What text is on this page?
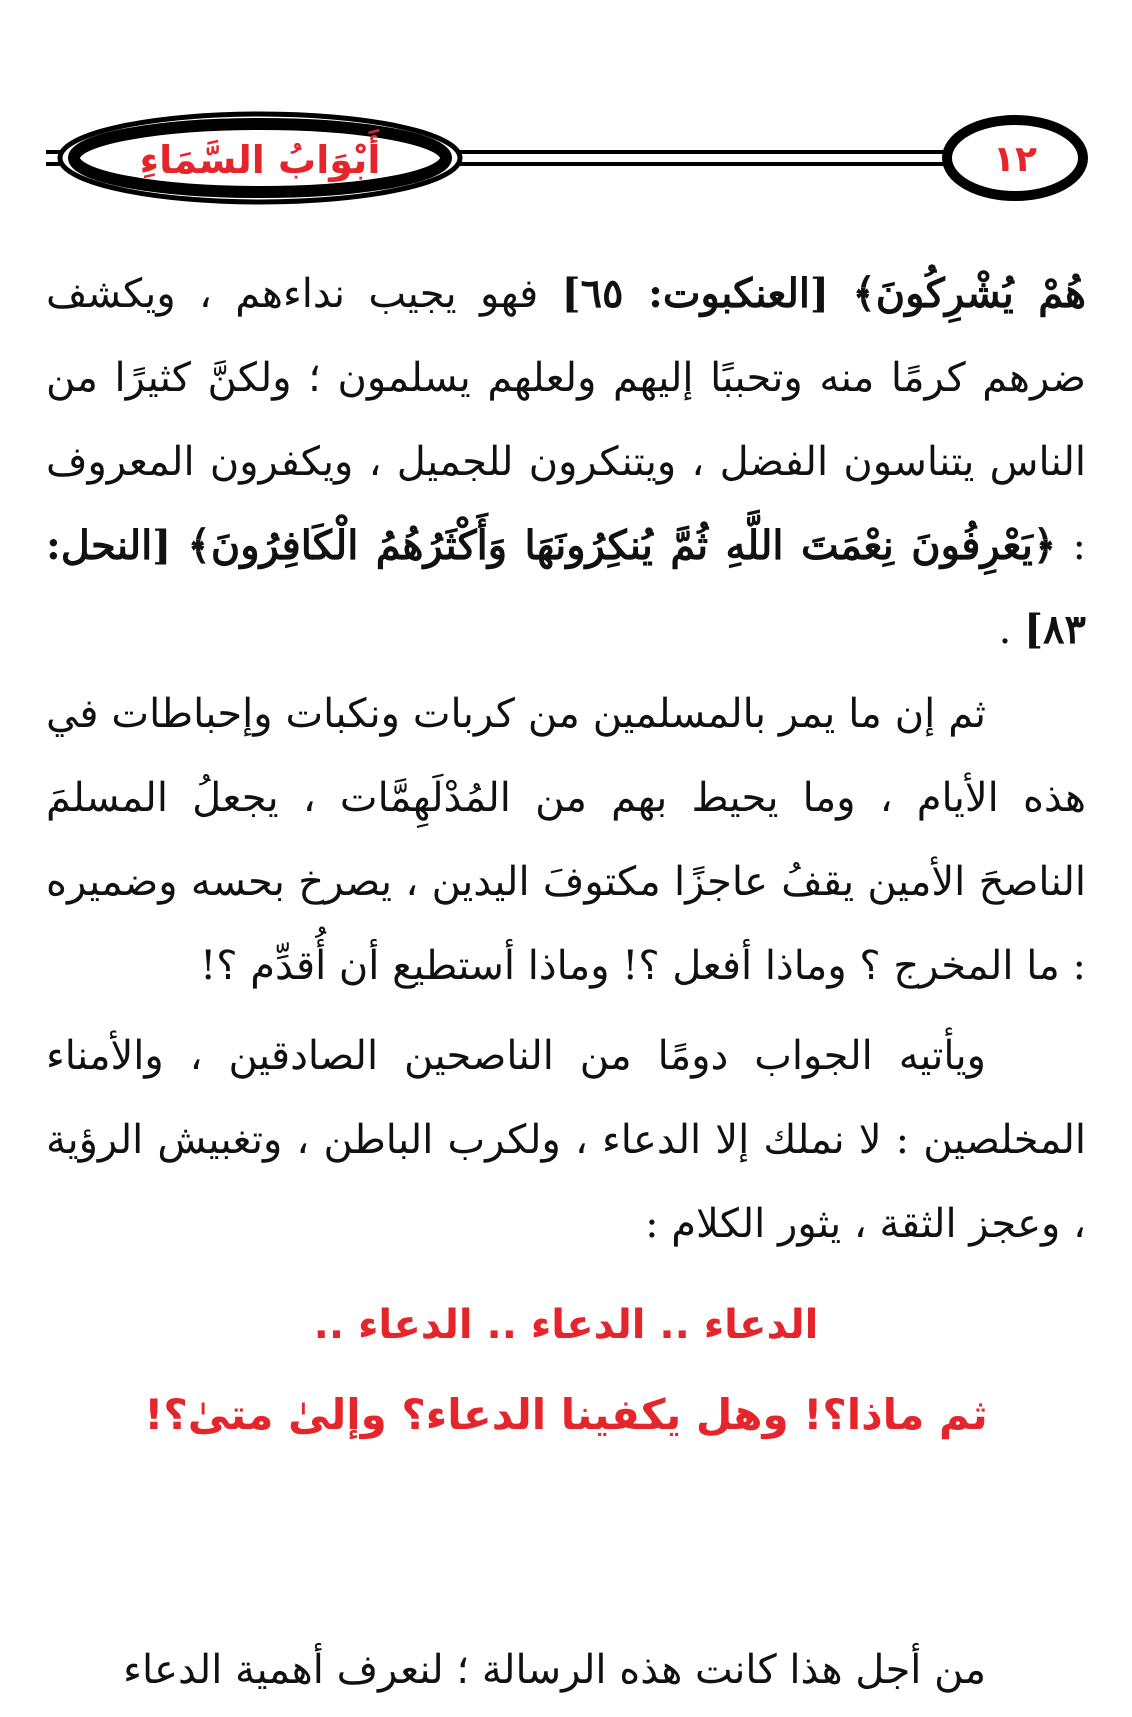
أَبْوَابُ السَّمَاءِ	١٢

هُمْ يُشْرِكُونَ﴾ [العنكبوت: ٦٥] فهو يجيب نداءهم ، ويكشف ضرهم كرمًا منه وتحببًا إليهم ولعلهم يسلمون ؛ ولكنَّ كثيرًا من الناس يتناسون الفضل ، ويتنكرون للجميل ، ويكفرون المعروف : ﴿يَعْرِفُونَ نِعْمَتَ اللَّهِ ثُمَّ يُنكِرُونَهَا وَأَكْثَرُهُمُ الْكَافِرُونَ﴾ [النحل: ٨٣] .

ثم إن ما يمر بالمسلمين من كربات ونكبات وإحباطات في هذه الأيام ، وما يحيط بهم من المُدْلَهِمَّات ، يجعلُ المسلمَ الناصحَ الأمين يقفُ عاجزًا مكتوفَ اليدين ، يصرخ بحسه وضميره : ما المخرج ؟ وماذا أفعل ؟! وماذا أستطيع أن أُقدِّم ؟!

ويأتيه الجواب دومًا من الناصحين الصادقين ، والأمناء المخلصين : لا نملك إلا الدعاء ، ولكرب الباطن ، وتغبيش الرؤية ، وعجز الثقة ، يثور الكلام :

الدعاء .. الدعاء .. الدعاء ..
ثم ماذا؟! وهل يكفينا الدعاء؟ وإلىٰ متىٰ؟!

من أجل هذا كانت هذه الرسالة ؛ لنعرف أهمية الدعاء
